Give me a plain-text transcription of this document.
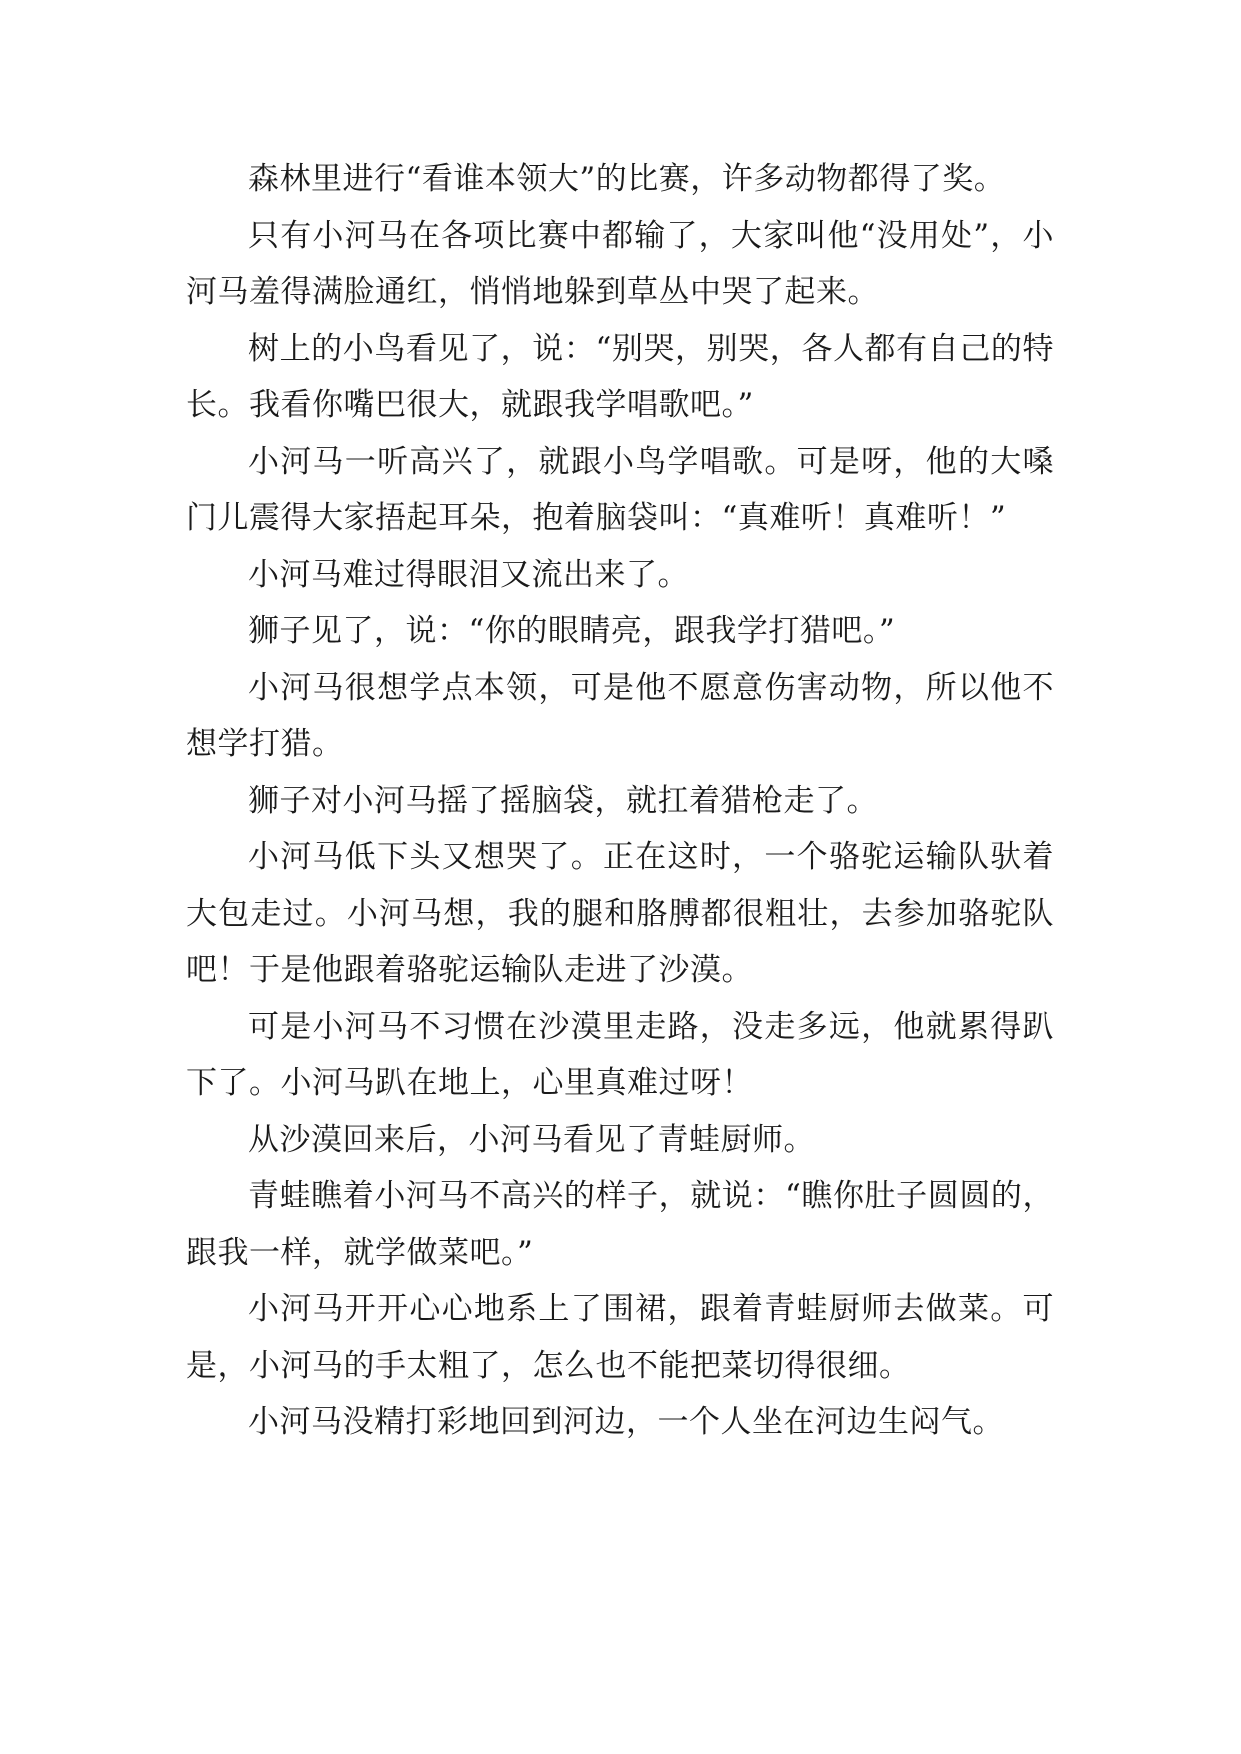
森林里进行“看谁本领大”的比赛，许多动物都得了奖。

只有小河马在各项比赛中都输了，大家叫他“没用处”，小河马羞得满脸通红，悄悄地躲到草丛中哭了起来。

树上的小鸟看见了，说：“别哭，别哭，各人都有自己的特长。我看你嘴巴很大，就跟我学唱歌吧。”

小河马一听高兴了，就跟小鸟学唱歌。可是呀，他的大嗓门儿震得大家捂起耳朵，抱着脑袋叫：“真难听！真难听！”

小河马难过得眼泪又流出来了。

狮子见了，说：“你的眼睛亮，跟我学打猎吧。”

小河马很想学点本领，可是他不愿意伤害动物，所以他不想学打猎。

狮子对小河马摇了摇脑袋，就扛着猎枪走了。

小河马低下头又想哭了。正在这时，一个骆驼运输队驮着大包走过。小河马想，我的腿和胳膊都很粗壮，去参加骆驼队吧！于是他跟着骆驼运输队走进了沙漠。

可是小河马不习惯在沙漠里走路，没走多远，他就累得趴下了。小河马趴在地上，心里真难过呀！

从沙漠回来后，小河马看见了青蛙厨师。

青蛙瞧着小河马不高兴的样子，就说：“瞧你肚子圆圆的，跟我一样，就学做菜吧。”

小河马开开心心地系上了围裙，跟着青蛙厨师去做菜。可是，小河马的手太粗了，怎么也不能把菜切得很细。

小河马没精打彩地回到河边，一个人坐在河边生闷气。
